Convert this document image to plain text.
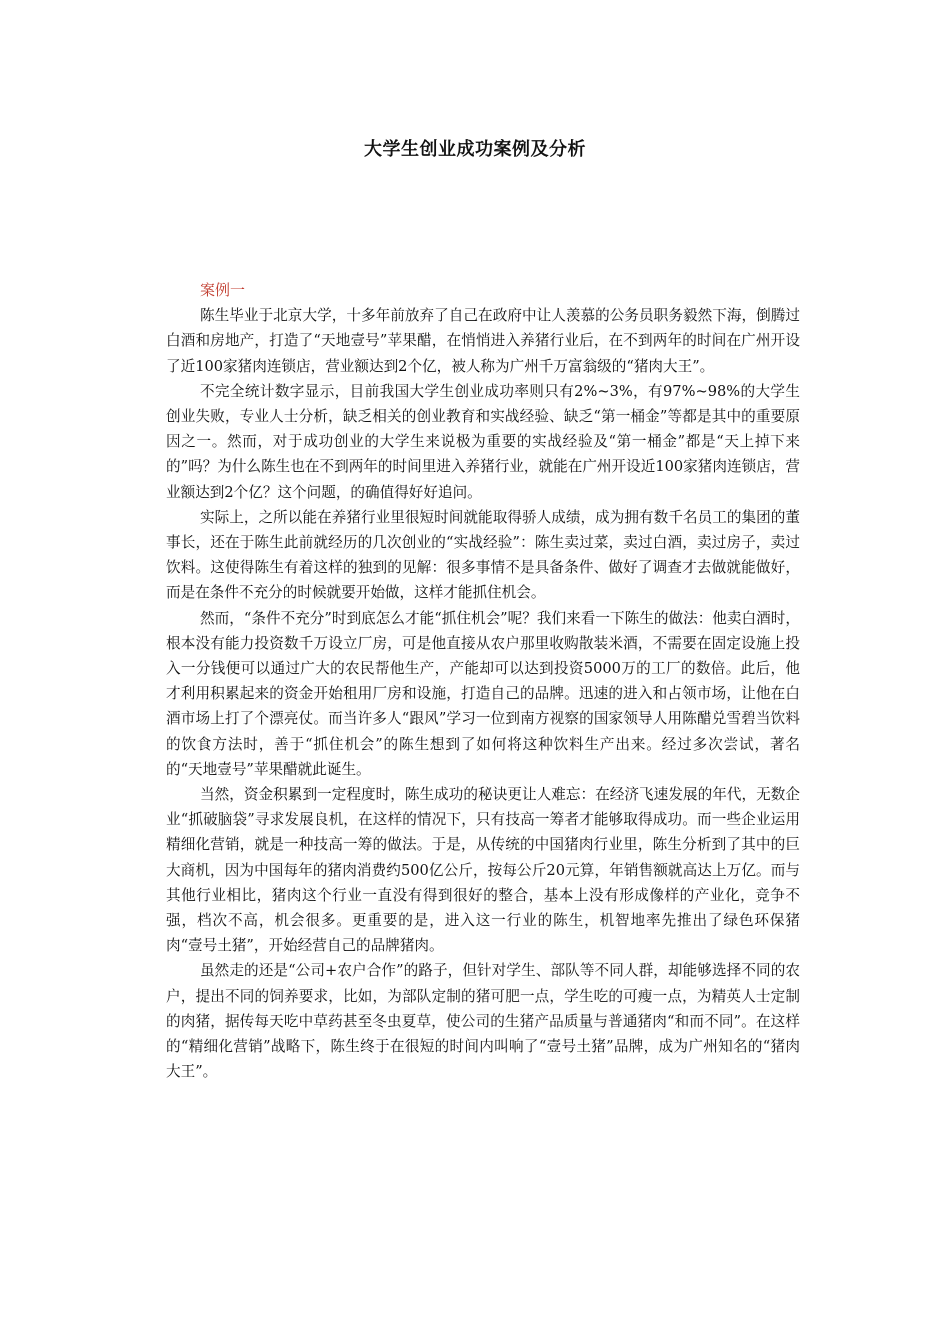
大学生创业成功案例及分析
案例一

陈生毕业于北京大学，十多年前放弃了自己在政府中让人羡慕的公务员职务毅然下海，倒腾过白酒和房地产，打造了“天地壹号”苹果醋，在悄悄进入养猪行业后，在不到两年的时间在广州开设了近100家猪肉连锁店，营业额达到2个亿，被人称为广州千万富翁级的“猪肉大王”。

不完全统计数字显示，目前我国大学生创业成功率则只有2%~3%，有97%~98%的大学生创业失败，专业人士分析，缺乏相关的创业教育和实战经验、缺乏“第一桶金”等都是其中的重要原因之一。然而，对于成功创业的大学生来说极为重要的实战经验及“第一桶金”都是“天上掉下来的”吗？为什么陈生也在不到两年的时间里进入养猪行业，就能在广州开设近100家猪肉连锁店，营业额达到2个亿？这个问题，的确值得好好追问。

实际上，之所以能在养猪行业里很短时间就能取得骄人成绩，成为拥有数千名员工的集团的董事长，还在于陈生此前就经历的几次创业的“实战经验”：陈生卖过菜，卖过白酒，卖过房子，卖过饮料。这使得陈生有着这样的独到的见解：很多事情不是具备条件、做好了调查才去做就能做好，而是在条件不充分的时候就要开始做，这样才能抓住机会。

然而，“条件不充分”时到底怎么才能“抓住机会”呢？我们来看一下陈生的做法：他卖白酒时，根本没有能力投资数千万设立厂房，可是他直接从农户那里收购散装米酒，不需要在固定设施上投入一分钱便可以通过广大的农民帮他生产，产能却可以达到投资5000万的工厂的数倍。此后，他才利用积累起来的资金开始租用厂房和设施，打造自己的品牌。迅速的进入和占领市场，让他在白酒市场上打了个漂亮仗。而当许多人“跟风”学习一位到南方视察的国家领导人用陈醋兑雪碧当饮料的饮食方法时，善于“抓住机会”的陈生想到了如何将这种饮料生产出来。经过多次尝试，著名的“天地壹号”苹果醋就此诞生。

当然，资金积累到一定程度时，陈生成功的秘诀更让人难忘：在经济飞速发展的年代，无数企业“抓破脑袋”寻求发展良机，在这样的情况下，只有技高一筹者才能够取得成功。而一些企业运用精细化营销，就是一种技高一筹的做法。于是，从传统的中国猪肉行业里，陈生分析到了其中的巨大商机，因为中国每年的猪肉消费约500亿公斤，按每公斤20元算，年销售额就高达上万亿。而与其他行业相比，猪肉这个行业一直没有得到很好的整合，基本上没有形成像样的产业化，竞争不强，档次不高，机会很多。更重要的是，进入这一行业的陈生，机智地率先推出了绿色环保猪肉“壹号土猪”，开始经营自己的品牌猪肉。

虽然走的还是“公司+农户合作”的路子，但针对学生、部队等不同人群，却能够选择不同的农户，提出不同的饲养要求，比如，为部队定制的猪可肥一点，学生吃的可瘦一点，为精英人士定制的肉猪，据传每天吃中草药甚至冬虫夏草，使公司的生猪产品质量与普通猪肉“和而不同”。在这样的“精细化营销”战略下，陈生终于在很短的时间内叫响了“壹号土猪”品牌，成为广州知名的“猪肉大王”。
